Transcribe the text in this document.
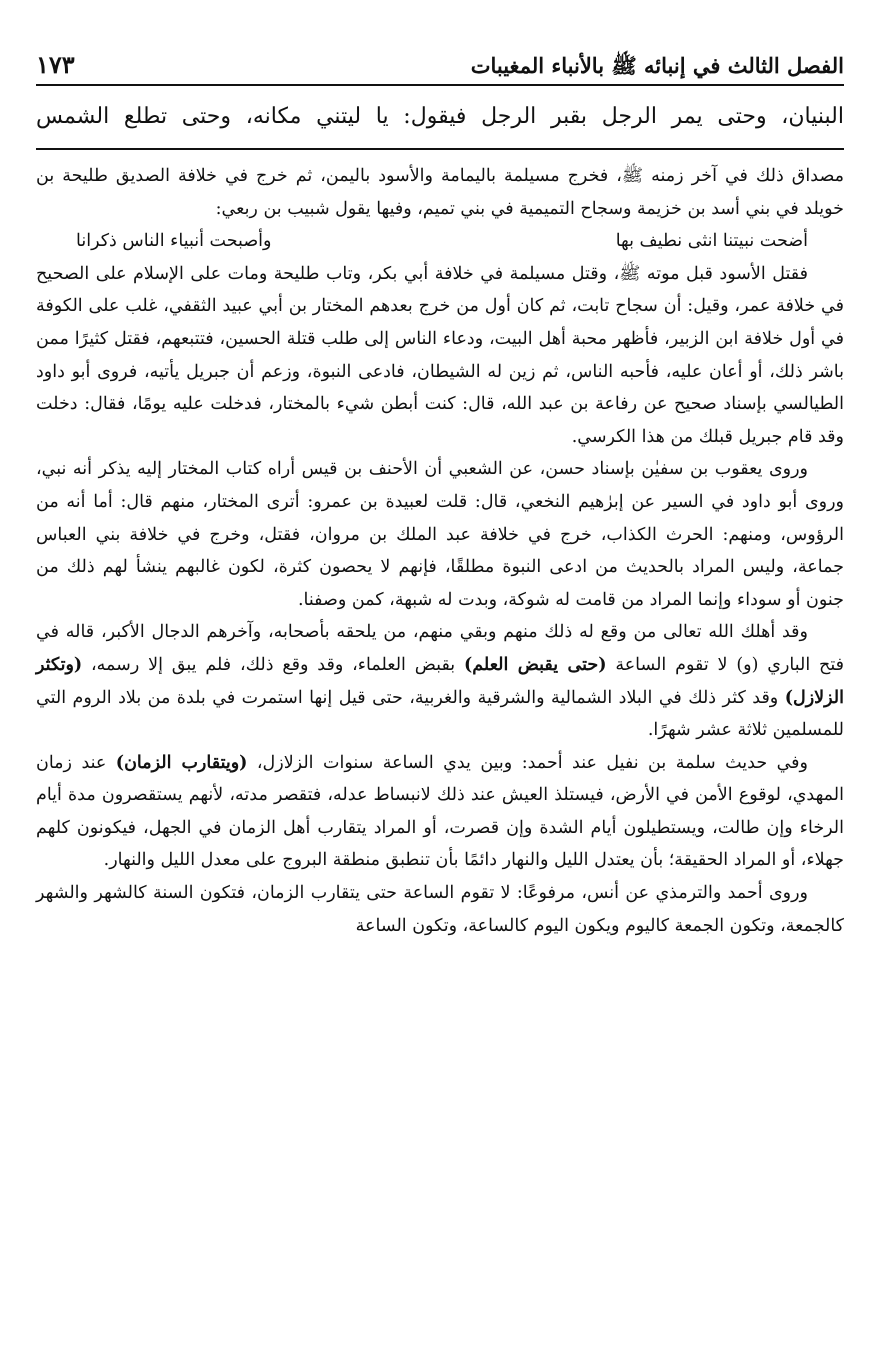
الفصل الثالث في إنبائه ﷺ بالأنباء المغيبات
١٧٣
البنيان، وحتى يمر الرجل بقبر الرجل فيقول: يا ليتني مكانه، وحتى تطلع الشمس

مصداق ذلك في آخر زمنه ﷺ، فخرج مسيلمة باليمامة والأسود باليمن، ثم خرج في خلافة الصديق طليحة بن خويلد في بني أسد بن خزيمة وسجاح التميمية في بني تميم، وفيها يقول شبيب بن ربعي:

أضحت نبيتنا انثى نطيف بها
وأصبحت أنبياء الناس ذكرانا

فقتل الأسود قبل موته ﷺ، وقتل مسيلمة في خلافة أبي بكر، وتاب طليحة ومات على الإسلام على الصحيح في خلافة عمر، وقيل: أن سجاح تابت، ثم كان أول من خرج بعدهم المختار بن أبي عبيد الثقفي، غلب على الكوفة في أول خلافة ابن الزبير، فأظهر محبة أهل البيت، ودعاء الناس إلى طلب قتلة الحسين، فتتبعهم، فقتل كثيرًا ممن باشر ذلك، أو أعان عليه، فأحبه الناس، ثم زين له الشيطان، فادعى النبوة، وزعم أن جبريل يأتيه، فروى أبو داود الطيالسي بإسناد صحيح عن رفاعة بن عبد الله، قال: كنت أبطن شيء بالمختار، فدخلت عليه يومًا، فقال: دخلت وقد قام جبريل قبلك من هذا الكرسي.

وروى يعقوب بن سفيٰن بإسناد حسن، عن الشعبي أن الأحنف بن قيس أراه كتاب المختار إليه يذكر أنه نبي، وروى أبو داود في السير عن إبرٰهيم النخعي، قال: قلت لعبيدة بن عمرو: أترى المختار، منهم قال: أما أنه من الرؤوس، ومنهم: الحرث الكذاب، خرج في خلافة عبد الملك بن مروان، فقتل، وخرج في خلافة بني العباس جماعة، وليس المراد بالحديث من ادعى النبوة مطلقًا، فإنهم لا يحصون كثرة، لكون غالبهم ينشأ لهم ذلك من جنون أو سوداء وإنما المراد من قامت له شوكة، وبدت له شبهة، كمن وصفنا.

وقد أهلك الله تعالى من وقع له ذلك منهم وبقي منهم، من يلحقه بأصحابه، وآخرهم الدجال الأكبر، قاله في فتح الباري (و) لا تقوم الساعة (حتى يقبض العلم) بقبض العلماء، وقد وقع ذلك، فلم يبق إلا رسمه، (وتكثر الزلازل) وقد كثر ذلك في البلاد الشمالية والشرقية والغربية، حتى قيل إنها استمرت في بلدة من بلاد الروم التي للمسلمين ثلاثة عشر شهرًا.

وفي حديث سلمة بن نفيل عند أحمد: وبين يدي الساعة سنوات الزلازل، (ويتقارب الزمان) عند زمان المهدي، لوقوع الأمن في الأرض، فيستلذ العيش عند ذلك لانبساط عدله، فتقصر مدته، لأنهم يستقصرون مدة أيام الرخاء وإن طالت، ويستطيلون أيام الشدة وإن قصرت، أو المراد يتقارب أهل الزمان في الجهل، فيكونون كلهم جهلاء، أو المراد الحقيقة؛ بأن يعتدل الليل والنهار دائمًا بأن تنطبق منطقة البروج على معدل الليل والنهار.

وروى أحمد والترمذي عن أنس، مرفوعًا: لا تقوم الساعة حتى يتقارب الزمان، فتكون السنة كالشهر والشهر كالجمعة، وتكون الجمعة كاليوم ويكون اليوم كالساعة، وتكون الساعة
